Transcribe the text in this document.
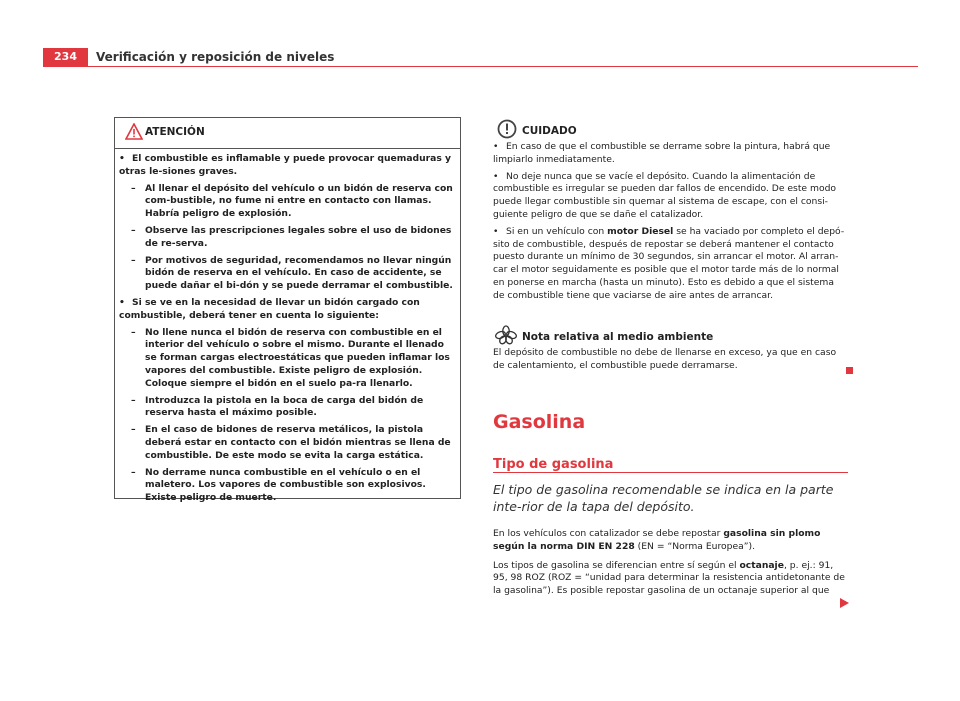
234	Verificación y reposición de niveles
ATENCIÓN

• El combustible es inflamable y puede provocar quemaduras y otras le-siones graves.

– Al llenar el depósito del vehículo o un bidón de reserva con com-bustible, no fume ni entre en contacto con llamas. Habría peligro de explosión.
– Observe las prescripciones legales sobre el uso de bidones de re-serva.
– Por motivos de seguridad, recomendamos no llevar ningún bidón de reserva en el vehículo. En caso de accidente, se puede dañar el bi-dón y se puede derramar el combustible.

• Si se ve en la necesidad de llevar un bidón cargado con combustible, deberá tener en cuenta lo siguiente:

– No llene nunca el bidón de reserva con combustible en el interior del vehículo o sobre el mismo. Durante el llenado se forman cargas electroestáticas que pueden inflamar los vapores del combustible. Existe peligro de explosión. Coloque siempre el bidón en el suelo pa-ra llenarlo.
– Introduzca la pistola en la boca de carga del bidón de reserva hasta el máximo posible.
– En el caso de bidones de reserva metálicos, la pistola deberá estar en contacto con el bidón mientras se llena de combustible. De este modo se evita la carga estática.
– No derrame nunca combustible en el vehículo o en el maletero. Los vapores de combustible son explosivos. Existe peligro de muerte.
CUIDADO

• En caso de que el combustible se derrame sobre la pintura, habrá que limpiarlo inmediatamente.

• No deje nunca que se vacíe el depósito. Cuando la alimentación de combustible es irregular se pueden dar fallos de encendido. De este modo puede llegar combustible sin quemar al sistema de escape, con el consi-guiente peligro de que se dañe el catalizador.

• Si en un vehículo con motor Diesel se ha vaciado por completo el depó-sito de combustible, después de repostar se deberá mantener el contacto puesto durante un mínimo de 30 segundos, sin arrancar el motor. Al arran-car el motor seguidamente es posible que el motor tarde más de lo normal en ponerse en marcha (hasta un minuto). Esto es debido a que el sistema de combustible tiene que vaciarse de aire antes de arrancar.

Nota relativa al medio ambiente
El depósito de combustible no debe de llenarse en exceso, ya que en caso de calentamiento, el combustible puede derramarse.
Gasolina
Tipo de gasolina
El tipo de gasolina recomendable se indica en la parte inte-rior de la tapa del depósito.

En los vehículos con catalizador se debe repostar gasolina sin plomo según la norma DIN EN 228 (EN = “Norma Europea”).

Los tipos de gasolina se diferencian entre sí según el octanaje, p. ej.: 91, 95, 98 ROZ (ROZ = “unidad para determinar la resistencia antidetonante de la gasolina”). Es posible repostar gasolina de un octanaje superior al que
